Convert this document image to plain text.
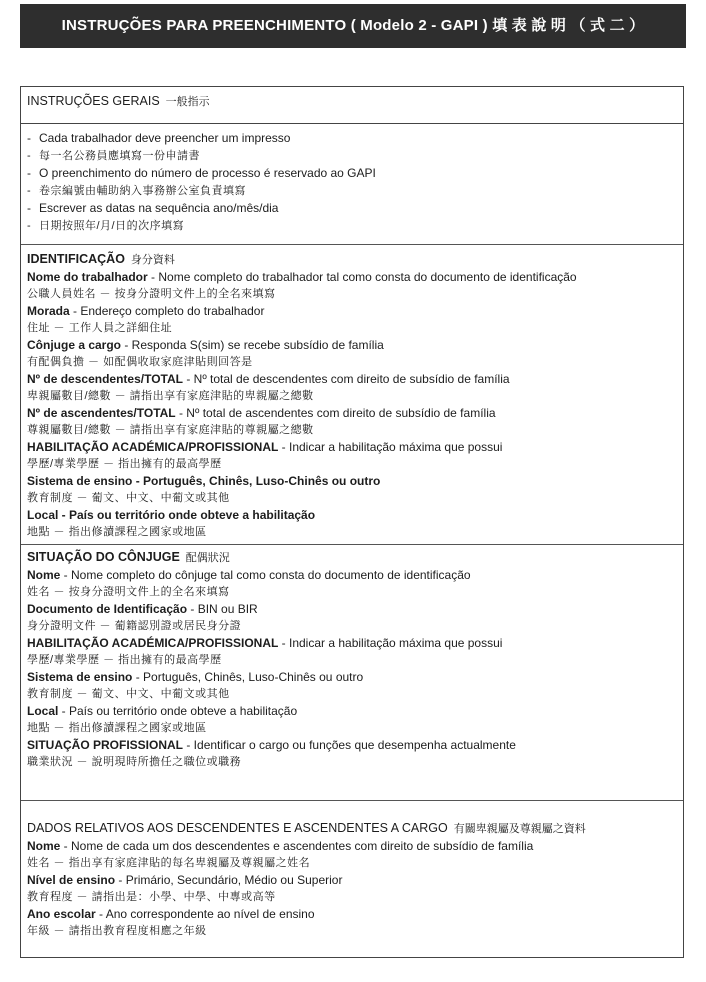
INSTRUÇÕES PARA PREENCHIMENTO ( Modelo 2 - GAPI ) 填 表 說 明 （ 式 二 ）
INSTRUÇÕES GERAIS 一般指示
- Cada trabalhador deve preencher um impresso
- 每一名公務員應填寫一份申請書
- O preenchimento do número de processo é reservado ao GAPI
- 卷宗編號由輔助納入事務辦公室負責填寫
- Escrever as datas na sequência ano/mês/dia
- 日期按照年/月/日的次序填寫
IDENTIFICAÇÃO 身分資料
Nome do trabalhador - Nome completo do trabalhador tal como consta do documento de identificação
公職人員姓名 － 按身分證明文件上的全名來填寫
Morada - Endereço completo do trabalhador
住址 － 工作人員之詳細住址
Cônjuge a cargo - Responda S(sim) se recebe subsídio de família
有配偶負擔 － 如配偶收取家庭津貼則回答是
Nº de descendentes/TOTAL - Nº total de descendentes com direito de subsídio de família
卑親屬數目/總數 － 請指出享有家庭津貼的卑親屬之總數
Nº de ascendentes/TOTAL - Nº total de ascendentes com direito de subsídio de família
尊親屬數目/總數 － 請指出享有家庭津貼的尊親屬之總數
HABILITAÇÃO ACADÉMICA/PROFISSIONAL - Indicar a habilitação máxima que possui
學歷/專業學歷 － 指出擁有的最高學歷
Sistema de ensino - Português, Chinês, Luso-Chinês ou outro
教育制度 － 葡文、中文、中葡文或其他
Local - País ou território onde obteve a habilitação
地點 － 指出修讀課程之國家或地區
SITUAÇÃO DO CÔNJUGE 配偶狀況
Nome - Nome completo do cônjuge tal como consta do documento de identificação
姓名 － 按身分證明文件上的全名來填寫
Documento de Identificação - BIN ou BIR
身分證明文件 － 葡籍認別證或居民身分證
HABILITAÇÃO ACADÉMICA/PROFISSIONAL - Indicar a habilitação máxima que possui
學歷/專業學歷 － 指出擁有的最高學歷
Sistema de ensino - Português, Chinês, Luso-Chinês ou outro
教育制度 － 葡文、中文、中葡文或其他
Local - País ou território onde obteve a habilitação
地點 － 指出修讀課程之國家或地區
SITUAÇÃO PROFISSIONAL - Identificar o cargo ou funções que desempenha actualmente
職業狀況 － 說明現時所擔任之職位或職務
DADOS RELATIVOS AOS DESCENDENTES E ASCENDENTES A CARGO 有關卑親屬及尊親屬之資料
Nome - Nome de cada um dos descendentes e ascendentes com direito de subsídio de família
姓名 － 指出享有家庭津貼的每名卑親屬及尊親屬之姓名
Nível de ensino - Primário, Secundário, Médio ou Superior
教育程度 － 請指出是：小學、中學、中專或高等
Ano escolar - Ano correspondente ao nível de ensino
年級 － 請指出教育程度相應之年級
